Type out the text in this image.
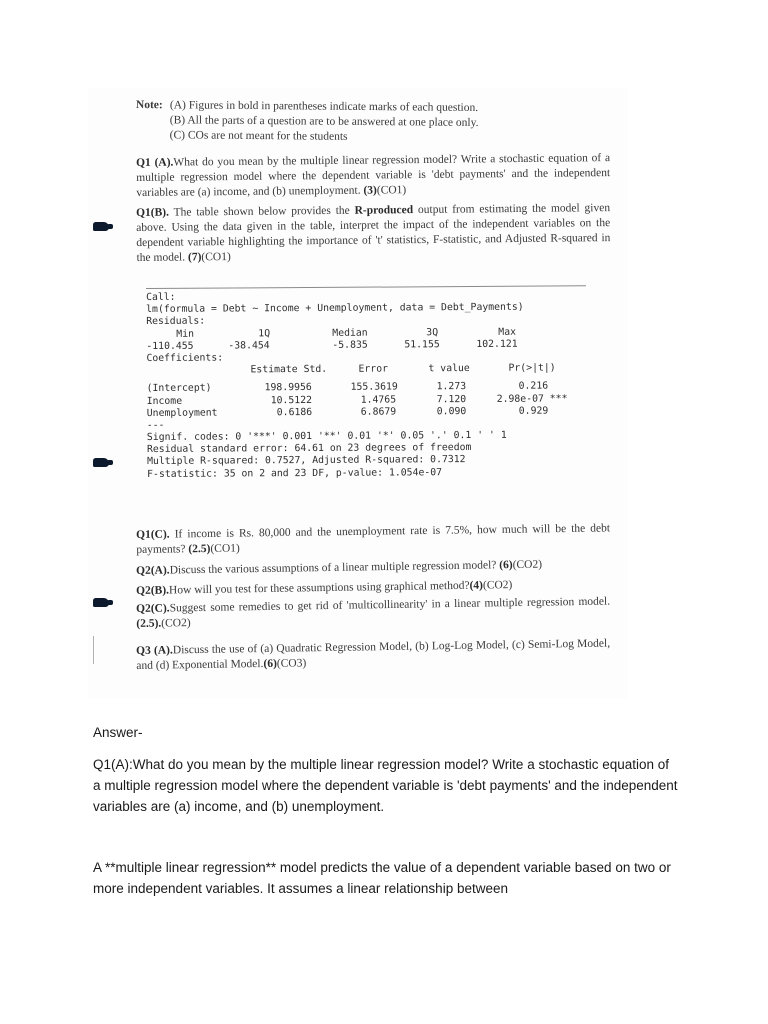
Note: (A) Figures in bold in parentheses indicate marks of each question.
(B) All the parts of a question are to be answered at one place only.
(C) COs are not meant for the students
Q1 (A).What do you mean by the multiple linear regression model? Write a stochastic equation of a multiple regression model where the dependent variable is 'debt payments' and the independent variables are (a) income, and (b) unemployment. (3)(CO1)
Q1(B). The table shown below provides the R-produced output from estimating the model given above. Using the data given in the table, interpret the impact of the independent variables on the dependent variable highlighting the importance of 't' statistics, F-statistic, and Adjusted R-squared in the model. (7)(CO1)
Call:
lm(formula = Debt ~ Income + Unemployment, data = Debt_Payments)
Residuals:
Min	1Q	Median	3Q	Max
-110.455	-38.454	-5.835	51.155	102.121
Coefficients:
Estimate Std.	Error	t value	Pr(>|t|)
(Intercept)	198.9956	155.3619	1.273	0.216
Income	10.5122	1.4765	7.120	2.98e-07 ***
Unemployment	0.6186	6.8679	0.090	0.929
---
Signif. codes: 0 '***' 0.001 '**' 0.01 '*' 0.05 '.' 0.1 ' ' 1
Residual standard error: 64.61 on 23 degrees of freedom
Multiple R-squared: 0.7527, Adjusted R-squared: 0.7312
F-statistic: 35 on 2 and 23 DF, p-value: 1.054e-07
Q1(C). If income is Rs. 80,000 and the unemployment rate is 7.5%, how much will be the debt payments? (2.5)(CO1)
Q2(A).Discuss the various assumptions of a linear multiple regression model? (6)(CO2)
Q2(B).How will you test for these assumptions using graphical method?(4)(CO2)
Q2(C).Suggest some remedies to get rid of 'multicollinearity' in a linear multiple regression model. (2.5).(CO2)
Q3 (A).Discuss the use of (a) Quadratic Regression Model, (b) Log-Log Model, (c) Semi-Log Model, and (d) Exponential Model.(6)(CO3)

Answer-

Q1(A):What do you mean by the multiple linear regression model? Write a stochastic equation of a multiple regression model where the dependent variable is 'debt payments' and the independent variables are (a) income, and (b) unemployment.

A **multiple linear regression** model predicts the value of a dependent variable based on two or more independent variables. It assumes a linear relationship between
